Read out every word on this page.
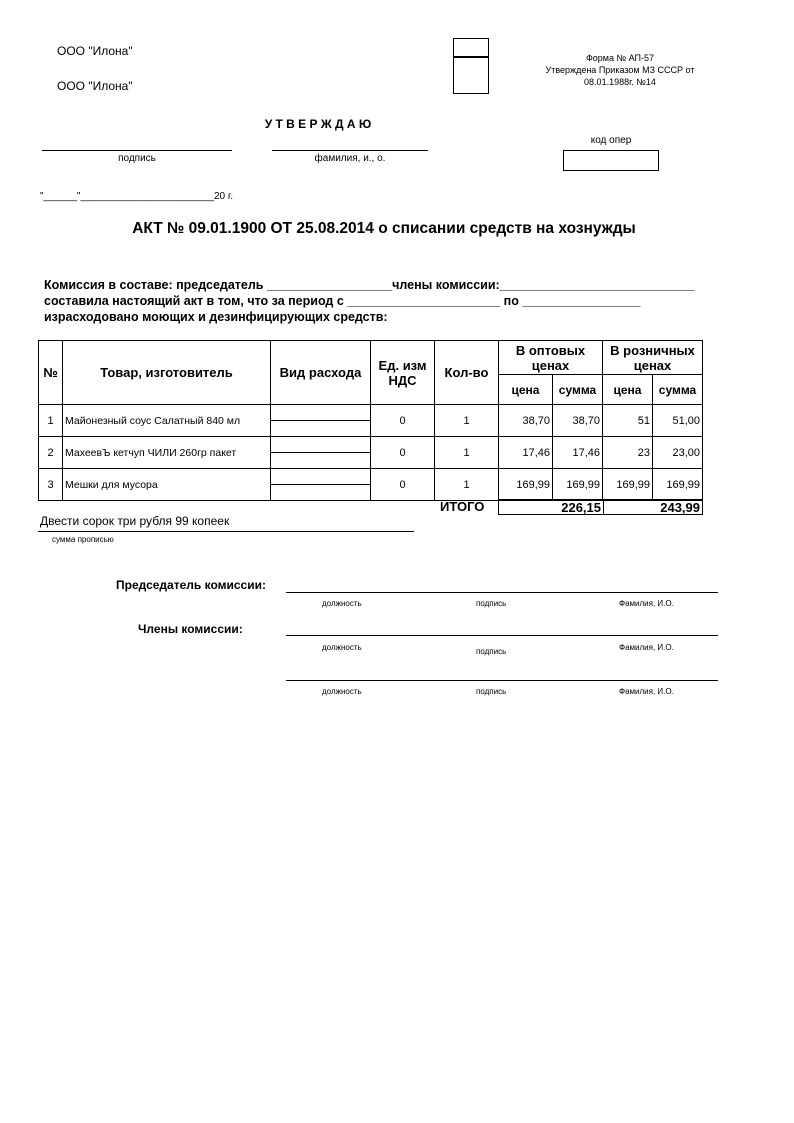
ООО "Илона"
ООО "Илона"
Форма № АП-57
Утверждена Приказом МЗ СССР от
08.01.1988г. №14
У Т В Е Р Ж Д А Ю
подпись	фамилия, и., о.
код опер
"______"________________________20 г.
АКТ № 09.01.1900 ОТ 25.08.2014 о списании средств на хознужды
Комиссия в составе: председатель __________________члены комиссии:____________________________
составила настоящий акт в том, что за период с ______________________ по _________________
израсходовано моющих и дезинфицирующих средств:
№	Товар, изготовитель	Вид расхода	Ед. изм НДС	Кол-во	В оптовых ценах		В розничных ценах	
					цена	сумма	цена	сумма
1	Майонезный соус Салатный 840 мл		0	1	38,70	38,70	51	51,00
2	МахеевЪ кетчуп ЧИЛИ 260гр пакет		0	1	17,46	17,46	23	23,00
3	Мешки для мусора		0	1	169,99	169,99	169,99	169,99
ИТОГО	226,15	243,99
Двести сорок три рубля 99 копеек
сумма прописью
Председатель комиссии:
должность	подпись	Фамилия, И.О.
Члены комиссии:
должность	подпись	Фамилия, И.О.
должность	подпись	Фамилия, И.О.
